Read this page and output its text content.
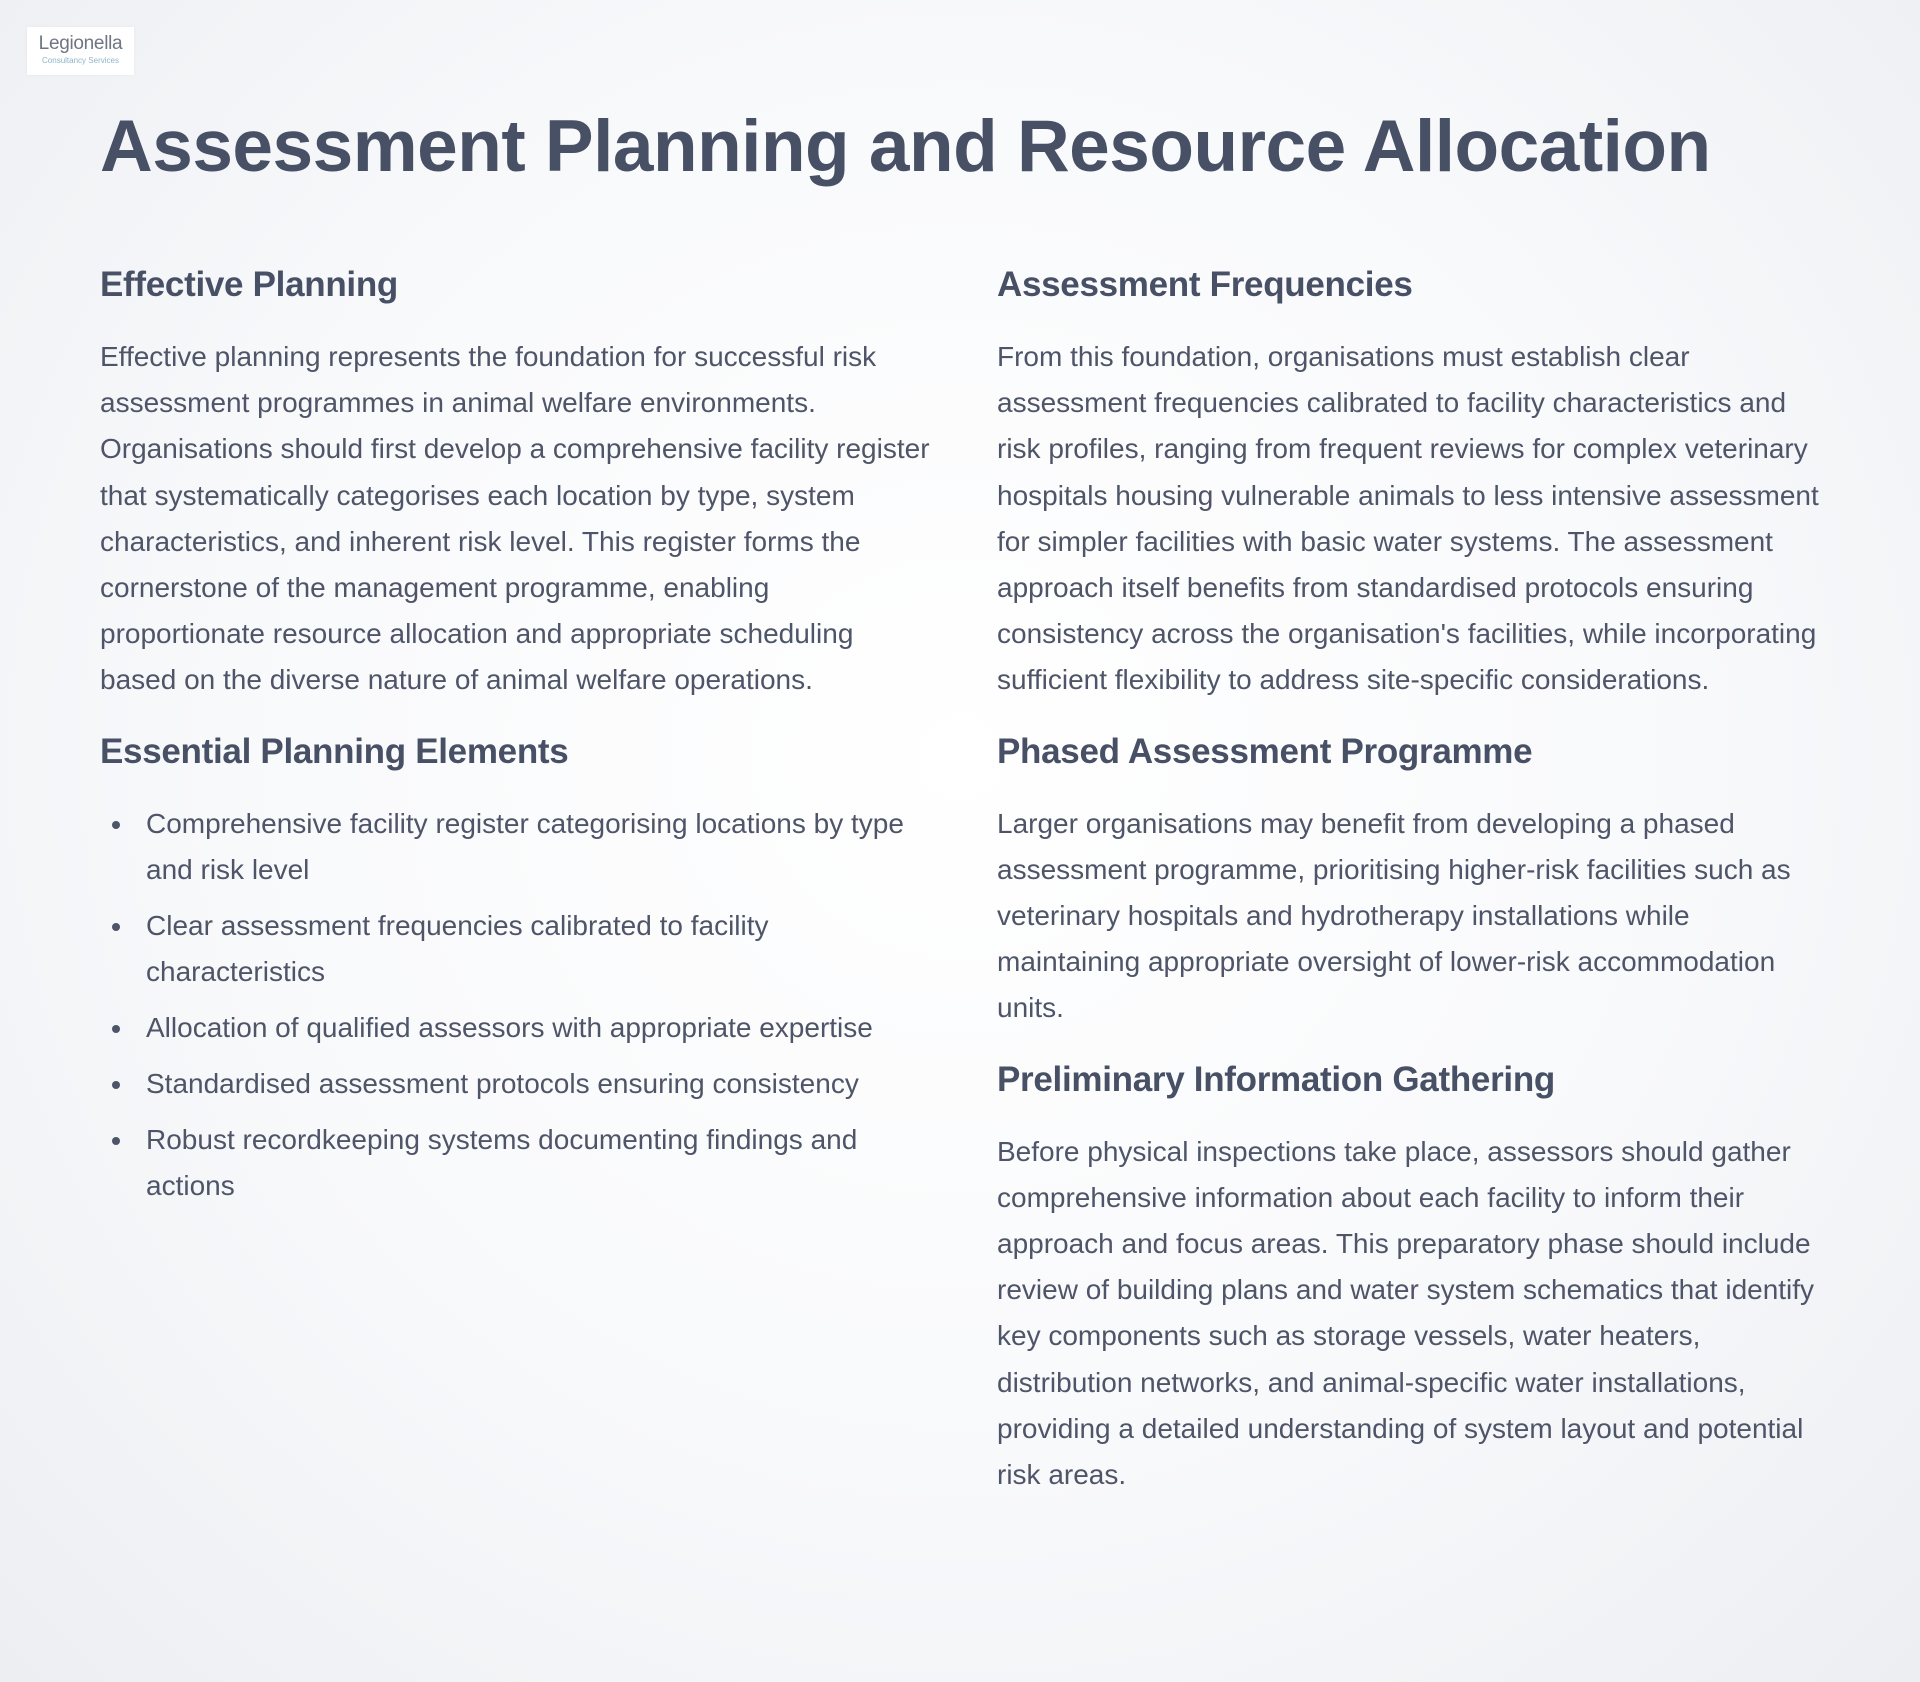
Legionella
Consultancy Services
Assessment Planning and Resource Allocation
Effective Planning

Effective planning represents the foundation for successful risk assessment programmes in animal welfare environments. Organisations should first develop a comprehensive facility register that systematically categorises each location by type, system characteristics, and inherent risk level. This register forms the cornerstone of the management programme, enabling proportionate resource allocation and appropriate scheduling based on the diverse nature of animal welfare operations.

Essential Planning Elements
Comprehensive facility register categorising locations by type and risk level
Clear assessment frequencies calibrated to facility characteristics
Allocation of qualified assessors with appropriate expertise
Standardised assessment protocols ensuring consistency
Robust recordkeeping systems documenting findings and actions
Assessment Frequencies

From this foundation, organisations must establish clear assessment frequencies calibrated to facility characteristics and risk profiles, ranging from frequent reviews for complex veterinary hospitals housing vulnerable animals to less intensive assessment for simpler facilities with basic water systems. The assessment approach itself benefits from standardised protocols ensuring consistency across the organisation's facilities, while incorporating sufficient flexibility to address site-specific considerations.

Phased Assessment Programme

Larger organisations may benefit from developing a phased assessment programme, prioritising higher-risk facilities such as veterinary hospitals and hydrotherapy installations while maintaining appropriate oversight of lower-risk accommodation units.

Preliminary Information Gathering

Before physical inspections take place, assessors should gather comprehensive information about each facility to inform their approach and focus areas. This preparatory phase should include review of building plans and water system schematics that identify key components such as storage vessels, water heaters, distribution networks, and animal-specific water installations, providing a detailed understanding of system layout and potential risk areas.
